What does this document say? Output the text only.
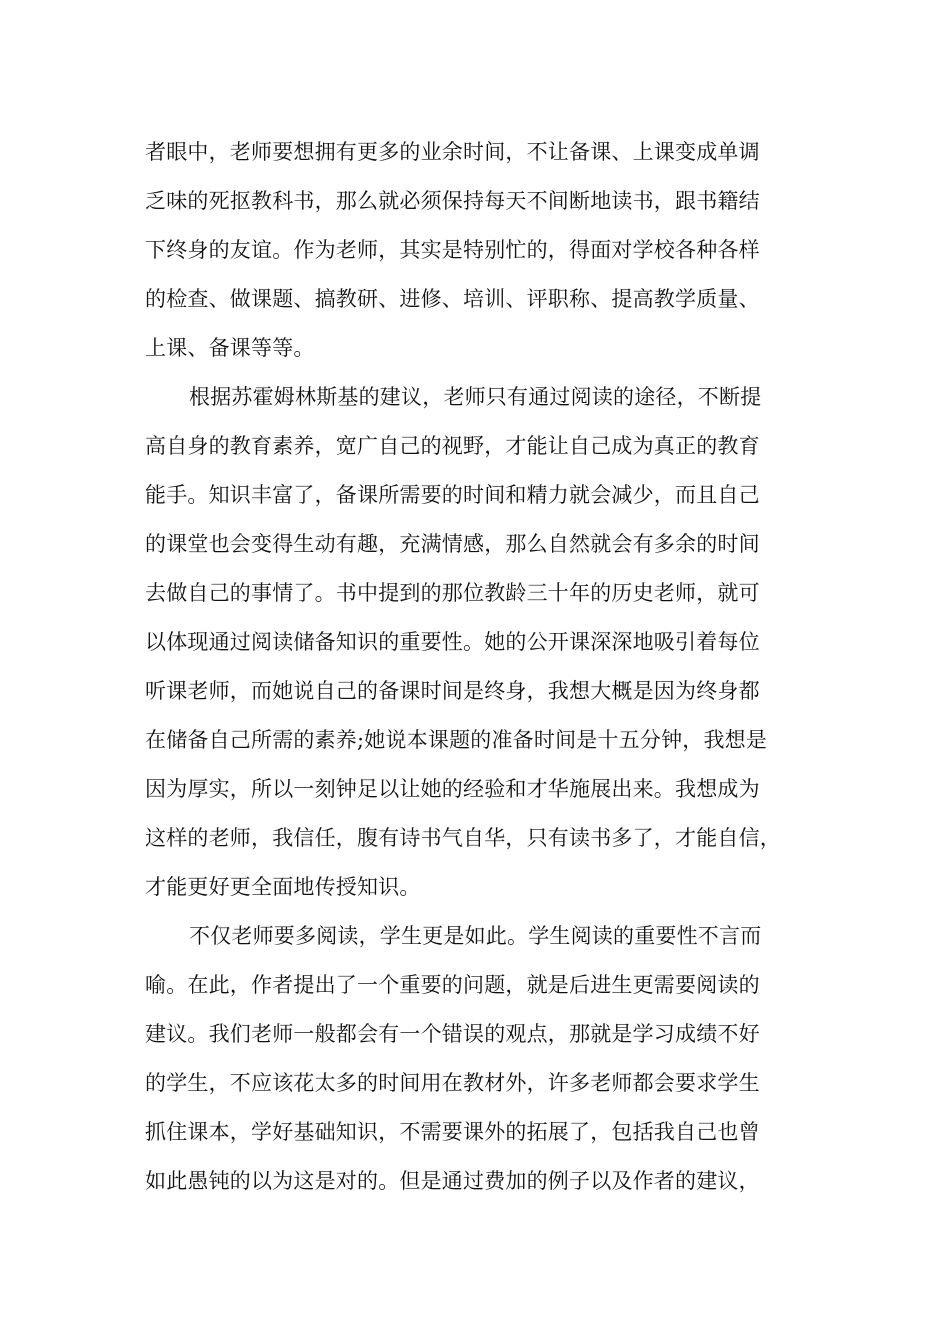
者眼中，老师要想拥有更多的业余时间，不让备课、上课变成单调
乏味的死抠教科书，那么就必须保持每天不间断地读书，跟书籍结
下终身的友谊。作为老师，其实是特别忙的，得面对学校各种各样
的检查、做课题、搞教研、进修、培训、评职称、提高教学质量、
上课、备课等等。
根据苏霍姆林斯基的建议，老师只有通过阅读的途径，不断提
高自身的教育素养，宽广自己的视野，才能让自己成为真正的教育
能手。知识丰富了，备课所需要的时间和精力就会减少，而且自己
的课堂也会变得生动有趣，充满情感，那么自然就会有多余的时间
去做自己的事情了。书中提到的那位教龄三十年的历史老师，就可
以体现通过阅读储备知识的重要性。她的公开课深深地吸引着每位
听课老师，而她说自己的备课时间是终身，我想大概是因为终身都
在储备自己所需的素养;她说本课题的准备时间是十五分钟，我想是
因为厚实，所以一刻钟足以让她的经验和才华施展出来。我想成为
这样的老师，我信任，腹有诗书气自华，只有读书多了，才能自信，
才能更好更全面地传授知识。
不仅老师要多阅读，学生更是如此。学生阅读的重要性不言而
喻。在此，作者提出了一个重要的问题，就是后进生更需要阅读的
建议。我们老师一般都会有一个错误的观点，那就是学习成绩不好
的学生，不应该花太多的时间用在教材外，许多老师都会要求学生
抓住课本，学好基础知识，不需要课外的拓展了，包括我自己也曾
如此愚钝的以为这是对的。但是通过费加的例子以及作者的建议，
